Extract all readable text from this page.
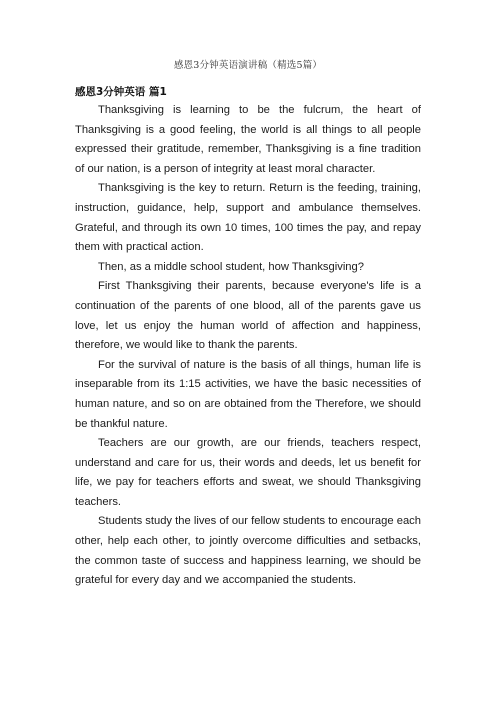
感恩3分钟英语演讲稿（精选5篇）
感恩3分钟英语 篇1

Thanksgiving is learning to be the fulcrum, the heart of Thanksgiving is a good feeling, the world is all things to all people expressed their gratitude, remember, Thanksgiving is a fine tradition of our nation, is a person of integrity at least moral character.

Thanksgiving is the key to return. Return is the feeding, training, instruction, guidance, help, support and ambulance themselves. Grateful, and through its own 10 times, 100 times the pay, and repay them with practical action.

Then, as a middle school student, how Thanksgiving?

First Thanksgiving their parents, because everyone's life is a continuation of the parents of one blood, all of the parents gave us love, let us enjoy the human world of affection and happiness, therefore, we would like to thank the parents.

For the survival of nature is the basis of all things, human life is inseparable from its 1:15 activities, we have the basic necessities of human nature, and so on are obtained from the Therefore, we should be thankful nature.

Teachers are our growth, are our friends, teachers respect, understand and care for us, their words and deeds, let us benefit for life, we pay for teachers efforts and sweat, we should Thanksgiving teachers.

Students study the lives of our fellow students to encourage each other, help each other, to jointly overcome difficulties and setbacks, the common taste of success and happiness learning, we should be grateful for every day and we accompanied the students.
